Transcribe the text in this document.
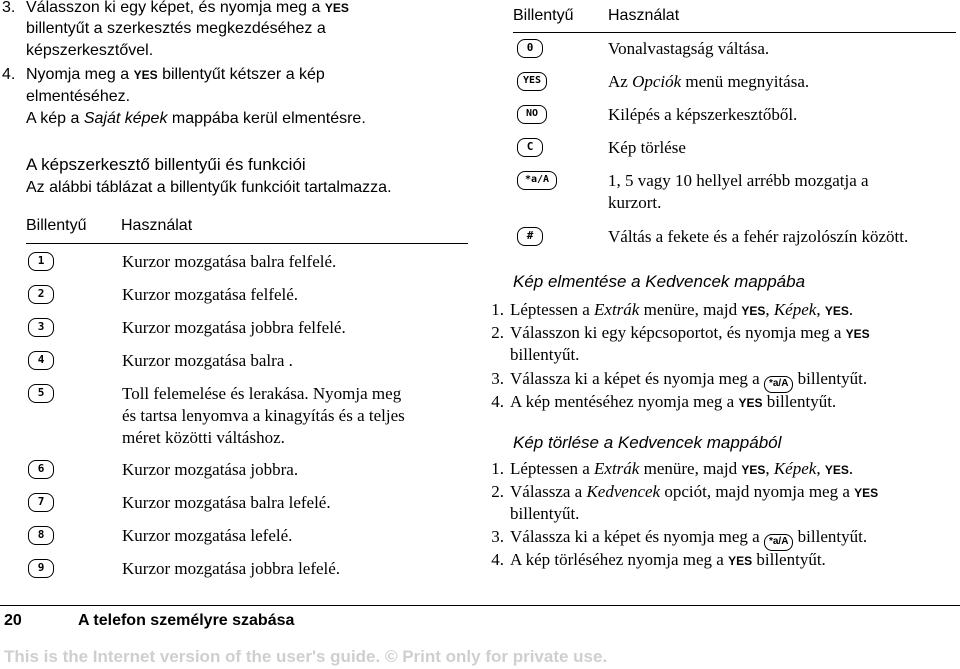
3. Válasszon ki egy képet, és nyomja meg a YES
billentyűt a szerkesztés megkezdéséhez a
képszerkesztővel.
4. Nyomja meg a YES billentyűt kétszer a kép
elmentéséhez.
A kép a Saját képek mappába kerül elmentésre.
A képszerkesztő billentyűi és funkciói
Az alábbi táblázat a billentyűk funkcióit tartalmazza.
Billentyű Használat
1	Kurzor mozgatása balra felfelé.
2	Kurzor mozgatása felfelé.
3	Kurzor mozgatása jobbra felfelé.
4	Kurzor mozgatása balra .
5	Toll felemelése és lerakása. Nyomja meg
és tartsa lenyomva a kinagyítás és a teljes
méret közötti váltáshoz.
6	Kurzor mozgatása jobbra.
7	Kurzor mozgatása balra lefelé.
8	Kurzor mozgatása lefelé.
9	Kurzor mozgatása jobbra lefelé.
Billentyű Használat
0	Vonalvastagság váltása.
YES	Az Opciók menü megnyitása.
NO	Kilépés a képszerkesztőből.
C	Kép törlése
*a/A	1, 5 vagy 10 hellyel arrébb mozgatja a
kurzort.
#	Váltás a fekete és a fehér rajzolószín között.
Kép elmentése a Kedvencek mappába
1. Léptessen a Extrák menüre, majd YES, Képek, YES.
2. Válasszon ki egy képcsoportot, és nyomja meg a YES
billentyűt.
3. Válassza ki a képet és nyomja meg a *a/A billentyűt.
4. A kép mentéséhez nyomja meg a YES billentyűt.
Kép törlése a Kedvencek mappából
1. Léptessen a Extrák menüre, majd YES, Képek, YES.
2. Válassza a Kedvencek opciót, majd nyomja meg a YES
billentyűt.
3. Válassza ki a képet és nyomja meg a *a/A billentyűt.
4. A kép törléséhez nyomja meg a YES billentyűt.
20	A telefon személyre szabása
This is the Internet version of the user's guide. © Print only for private use.
